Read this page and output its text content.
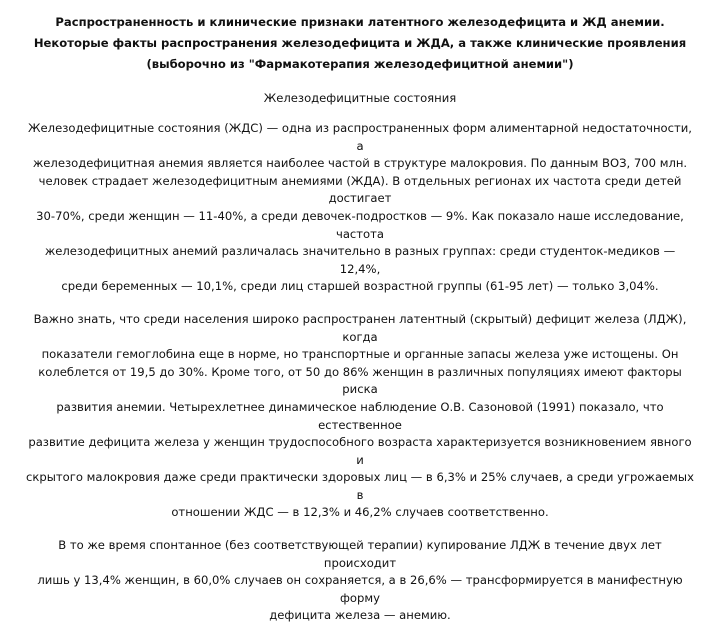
Распространенность и клинические признаки латентного железодефицита и ЖД анемии. Некоторые факты распространения железодефицита и ЖДА, а также клинические проявления (выборочно из "Фармакотерапия железодефицитной анемии")
Железодефицитные состояния
Железодефицитные состояния (ЖДС) — одна из распространенных форм алиментарной недостаточности, а
железодефицитная анемия является наиболее частой в структуре малокровия. По данным ВОЗ, 700 млн.
человек страдает железодефицитным анемиями (ЖДА). В отдельных регионах их частота среди детей достигает
30-70%, среди женщин — 11-40%, а среди девочек-подростков — 9%. Как показало наше исследование, частота
железодефицитных анемий различалась значительно в разных группах: среди студенток-медиков — 12,4%,
среди беременных — 10,1%, среди лиц старшей возрастной группы (61-95 лет) — только 3,04%.
Важно знать, что среди населения широко распространен латентный (скрытый) дефицит железа (ЛДЖ), когда
показатели гемоглобина еще в норме, но транспортные и органные запасы железа уже истощены. Он
колеблется от 19,5 до 30%. Кроме того, от 50 до 86% женщин в различных популяциях имеют факторы риска
развития анемии. Четырехлетнее динамическое наблюдение О.В. Сазоновой (1991) показало, что естественное
развитие дефицита железа у женщин трудоспособного возраста характеризуется возникновением явного и
скрытого малокровия даже среди практически здоровых лиц — в 6,3% и 25% случаев, а среди угрожаемых в
отношении ЖДС — в 12,3% и 46,2% случаев соответственно.
В то же время спонтанное (без соответствующей терапии) купирование ЛДЖ в течение двух лет происходит
лишь у 13,4% женщин, в 60,0% случаев он сохраняется, а в 26,6% — трансформируется в манифестную форму
дефицита железа — анемию.
